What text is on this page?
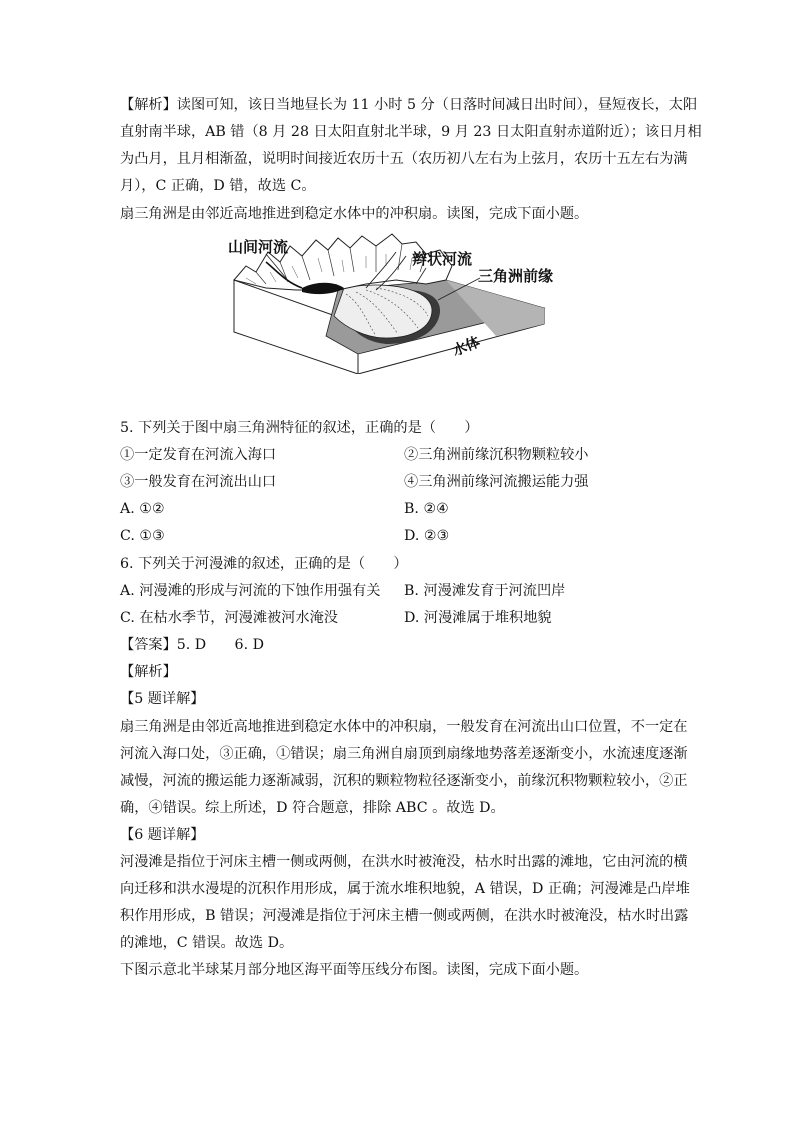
【解析】读图可知，该日当地昼长为 11 小时 5 分（日落时间减日出时间），昼短夜长，太阳
直射南半球，AB 错（8 月 28 日太阳直射北半球，9 月 23 日太阳直射赤道附近）；该日月相
为凸月，且月相渐盈，说明时间接近农历十五（农历初八左右为上弦月，农历十五左右为满
月），C 正确，D 错，故选 C。
扇三角洲是由邻近高地推进到稳定水体中的冲积扇。读图，完成下面小题。
山间河流
辫状河流
三角洲前缘
水体
5. 下列关于图中扇三角洲特征的叙述，正确的是（　　）
①一定发育在河流入海口	②三角洲前缘沉积物颗粒较小
③一般发育在河流出山口	④三角洲前缘河流搬运能力强
A. ①②	B. ②④
C. ①③	D. ②③
6. 下列关于河漫滩的叙述，正确的是（　　）
A. 河漫滩的形成与河流的下蚀作用强有关 B. 河漫滩发育于河流凹岸
C. 在枯水季节，河漫滩被河水淹没	D. 河漫滩属于堆积地貌
【答案】5. D　　6. D
【解析】
【5 题详解】
扇三角洲是由邻近高地推进到稳定水体中的冲积扇，一般发育在河流出山口位置，不一定在
河流入海口处，③正确，①错误；扇三角洲自扇顶到扇缘地势落差逐渐变小，水流速度逐渐
减慢，河流的搬运能力逐渐减弱，沉积的颗粒物粒径逐渐变小，前缘沉积物颗粒较小，②正
确，④错误。综上所述，D 符合题意，排除 ABC 。故选 D。
【6 题详解】
河漫滩是指位于河床主槽一侧或两侧，在洪水时被淹没，枯水时出露的滩地，它由河流的横
向迁移和洪水漫堤的沉积作用形成，属于流水堆积地貌，A 错误，D 正确；河漫滩是凸岸堆
积作用形成，B 错误；河漫滩是指位于河床主槽一侧或两侧，在洪水时被淹没，枯水时出露
的滩地，C 错误。故选 D。
下图示意北半球某月部分地区海平面等压线分布图。读图，完成下面小题。
